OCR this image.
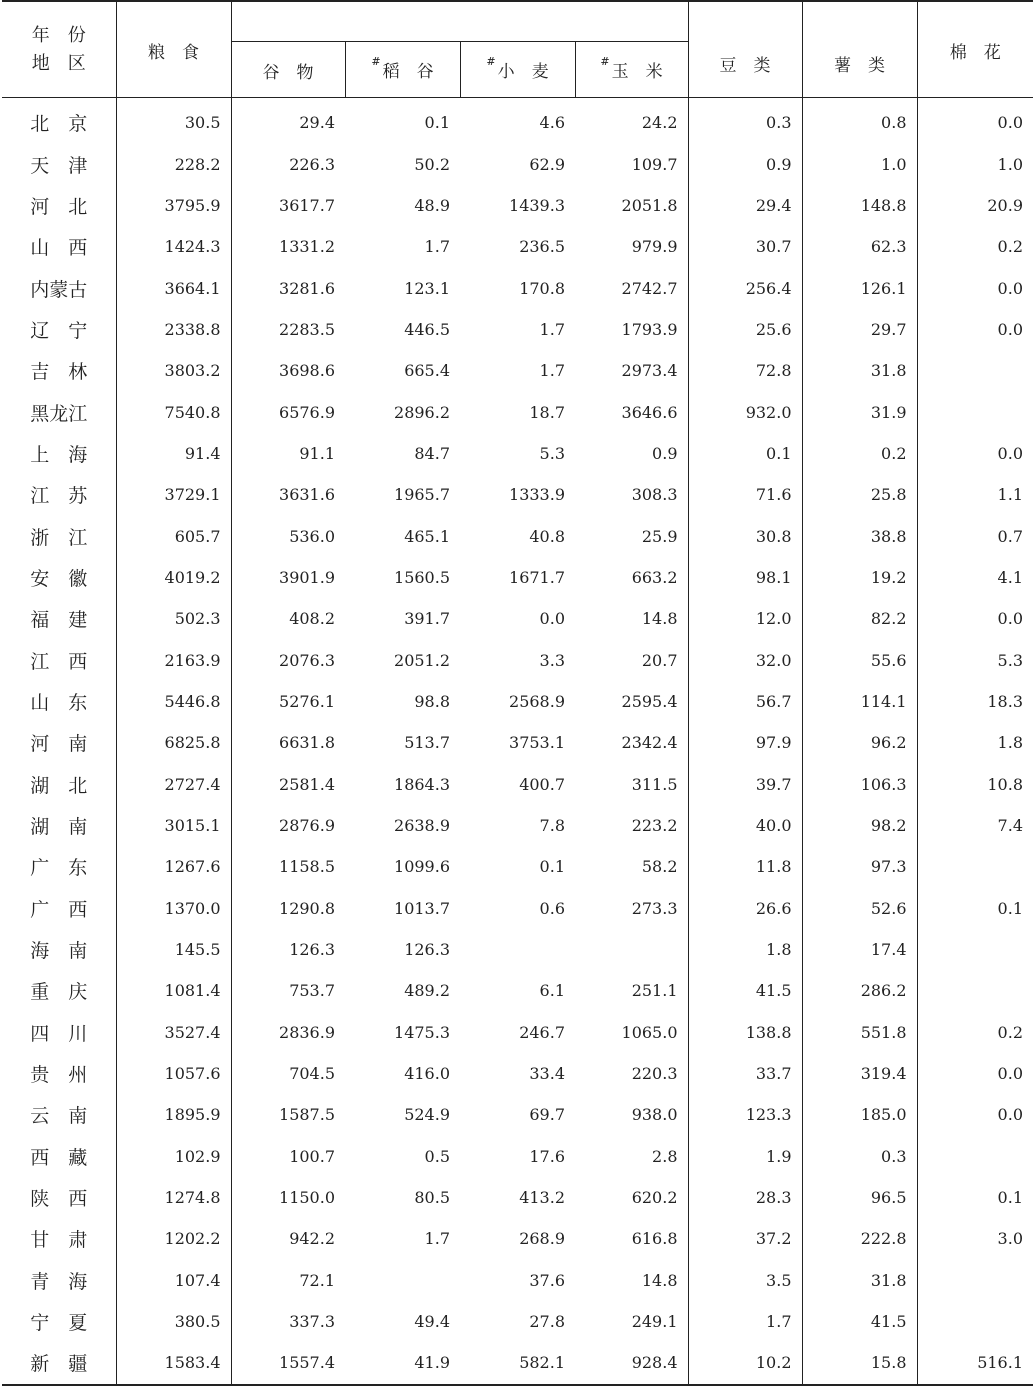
年　份
地　区	粮　食					豆　类	薯　类	棉　花
		谷　物	#稻　谷	#小　麦	#玉　米			
北　京	30.5	29.4	0.1	4.6	24.2	0.3	0.8	0.0
天　津	228.2	226.3	50.2	62.9	109.7	0.9	1.0	1.0
河　北	3795.9	3617.7	48.9	1439.3	2051.8	29.4	148.8	20.9
山　西	1424.3	1331.2	1.7	236.5	979.9	30.7	62.3	0.2
内蒙古	3664.1	3281.6	123.1	170.8	2742.7	256.4	126.1	0.0
辽　宁	2338.8	2283.5	446.5	1.7	1793.9	25.6	29.7	0.0
吉　林	3803.2	3698.6	665.4	1.7	2973.4	72.8	31.8	
黑龙江	7540.8	6576.9	2896.2	18.7	3646.6	932.0	31.9	
上　海	91.4	91.1	84.7	5.3	0.9	0.1	0.2	0.0
江　苏	3729.1	3631.6	1965.7	1333.9	308.3	71.6	25.8	1.1
浙　江	605.7	536.0	465.1	40.8	25.9	30.8	38.8	0.7
安　徽	4019.2	3901.9	1560.5	1671.7	663.2	98.1	19.2	4.1
福　建	502.3	408.2	391.7	0.0	14.8	12.0	82.2	0.0
江　西	2163.9	2076.3	2051.2	3.3	20.7	32.0	55.6	5.3
山　东	5446.8	5276.1	98.8	2568.9	2595.4	56.7	114.1	18.3
河　南	6825.8	6631.8	513.7	3753.1	2342.4	97.9	96.2	1.8
湖　北	2727.4	2581.4	1864.3	400.7	311.5	39.7	106.3	10.8
湖　南	3015.1	2876.9	2638.9	7.8	223.2	40.0	98.2	7.4
广　东	1267.6	1158.5	1099.6	0.1	58.2	11.8	97.3	
广　西	1370.0	1290.8	1013.7	0.6	273.3	26.6	52.6	0.1
海　南	145.5	126.3	126.3			1.8	17.4	
重　庆	1081.4	753.7	489.2	6.1	251.1	41.5	286.2	
四　川	3527.4	2836.9	1475.3	246.7	1065.0	138.8	551.8	0.2
贵　州	1057.6	704.5	416.0	33.4	220.3	33.7	319.4	0.0
云　南	1895.9	1587.5	524.9	69.7	938.0	123.3	185.0	0.0
西　藏	102.9	100.7	0.5	17.6	2.8	1.9	0.3	
陕　西	1274.8	1150.0	80.5	413.2	620.2	28.3	96.5	0.1
甘　肃	1202.2	942.2	1.7	268.9	616.8	37.2	222.8	3.0
青　海	107.4	72.1		37.6	14.8	3.5	31.8	
宁　夏	380.5	337.3	49.4	27.8	249.1	1.7	41.5	
新　疆	1583.4	1557.4	41.9	582.1	928.4	10.2	15.8	516.1
